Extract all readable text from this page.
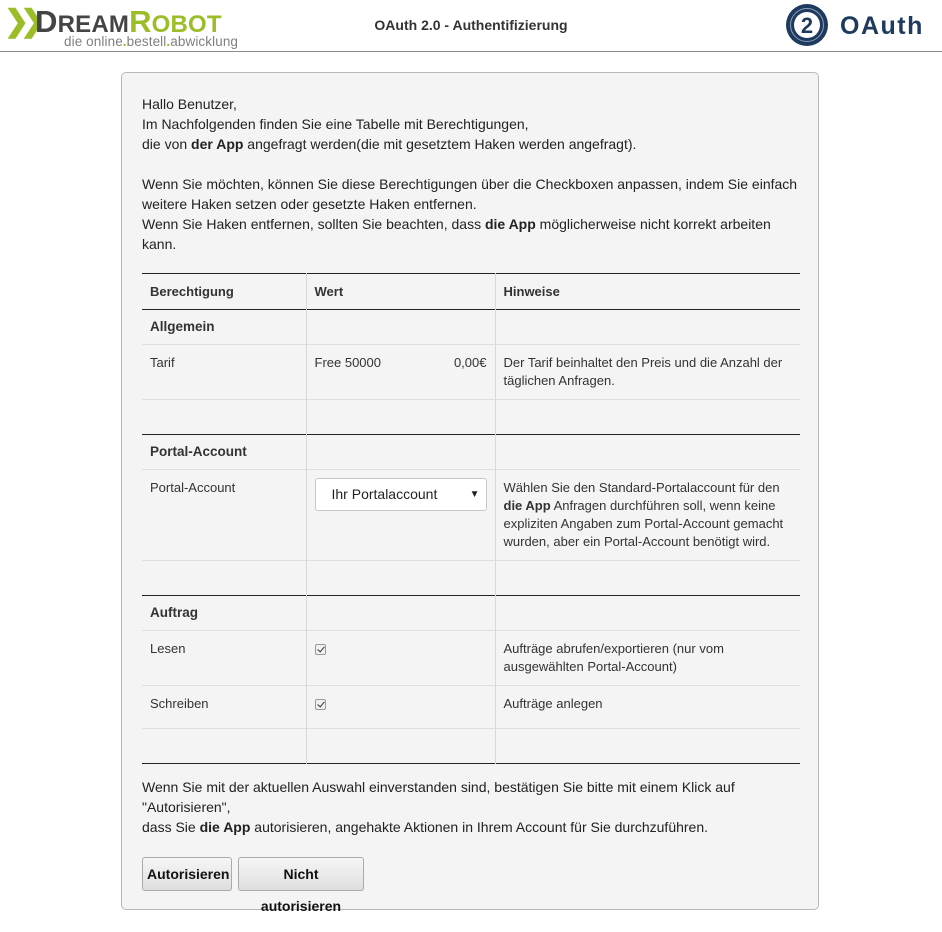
❯❯
DREAMROBOT
die online.bestell.abwicklung
OAuth 2.0 - Authentifizierung	2 OAuth

Hallo Benutzer,

Im Nachfolgenden finden Sie eine Tabelle mit Berechtigungen,

die von der App angefragt werden(die mit gesetztem Haken werden angefragt).

Wenn Sie möchten, können Sie diese Berechtigungen über die Checkboxen anpassen, indem Sie einfach weitere Haken setzen oder gesetzte Haken entfernen.

Wenn Sie Haken entfernen, sollten Sie beachten, dass die App möglicherweise nicht korrekt arbeiten kann.

Berechtigung	Wert	Hinweise
Allgemein		
Tarif	Free 50000 0,00€	Der Tarif beinhaltet den Preis und die Anzahl der täglichen Anfragen.

Portal-Account		
Portal-Account	Ihr Portalaccount ▼	Wählen Sie den Standard-Portalaccount für den die App Anfragen durchführen soll, wenn keine expliziten Angaben zum Portal-Account gemacht wurden, aber ein Portal-Account benötigt wird.

Auftrag		
Lesen		Aufträge abrufen/exportieren (nur vom ausgewählten Portal-Account)
Schreiben		Aufträge anlegen

Wenn Sie mit der aktuellen Auswahl einverstanden sind, bestätigen Sie bitte mit einem Klick auf "Autorisieren",

dass Sie die App autorisieren, angehakte Aktionen in Ihrem Account für Sie durchzuführen.

Autorisieren	Nicht autorisieren
